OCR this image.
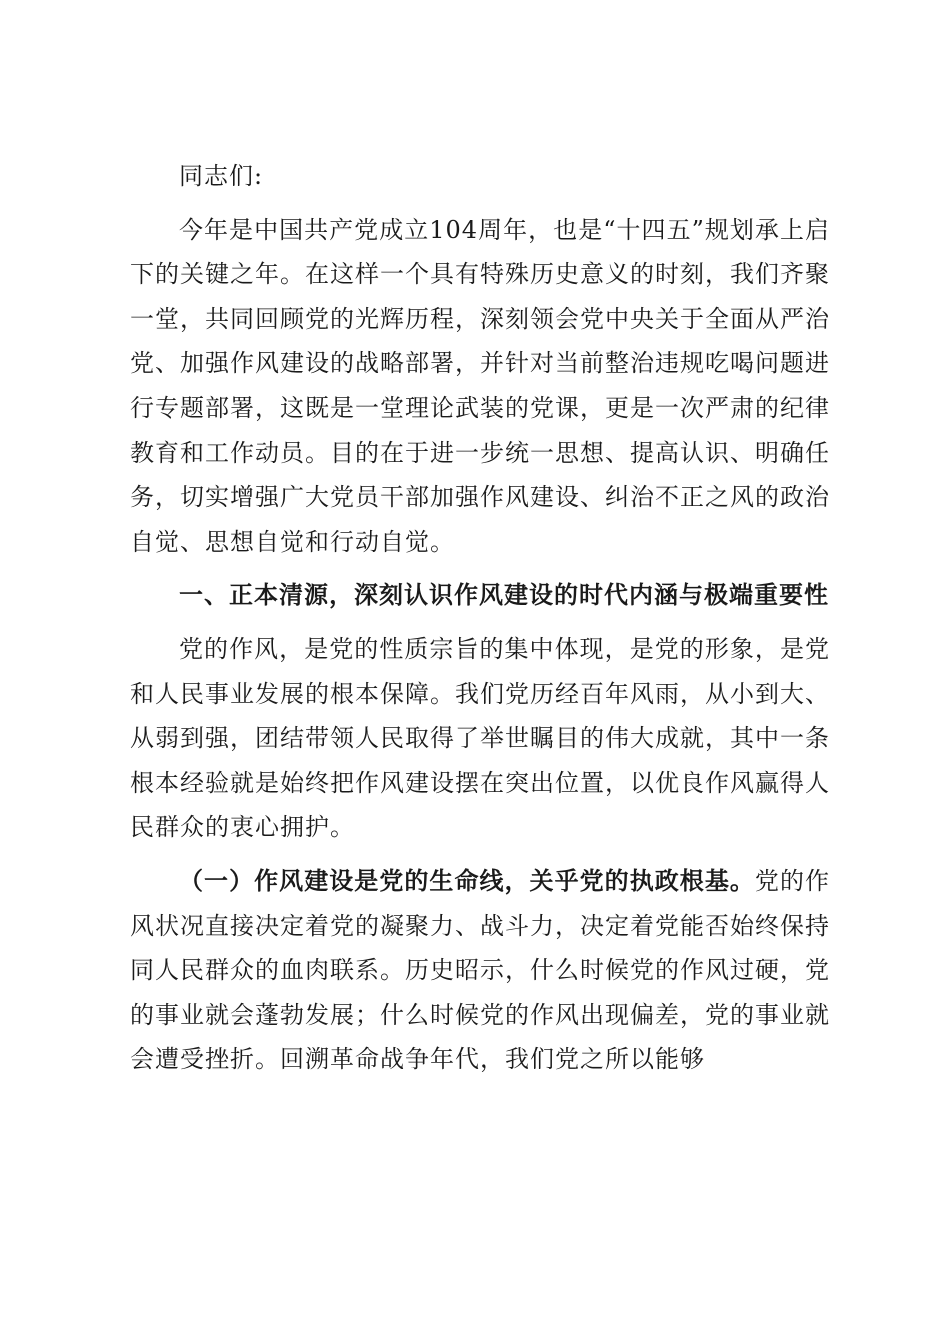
同志们:

今年是中国共产党成立104周年，也是“十四五”规划承上启下的关键之年。在这样一个具有特殊历史意义的时刻，我们齐聚一堂，共同回顾党的光辉历程，深刻领会党中央关于全面从严治党、加强作风建设的战略部署，并针对当前整治违规吃喝问题进行专题部署，这既是一堂理论武装的党课，更是一次严肃的纪律教育和工作动员。目的在于进一步统一思想、提高认识、明确任务，切实增强广大党员干部加强作风建设、纠治不正之风的政治自觉、思想自觉和行动自觉。

一、正本清源，深刻认识作风建设的时代内涵与极端重要性

党的作风，是党的性质宗旨的集中体现，是党的形象，是党和人民事业发展的根本保障。我们党历经百年风雨，从小到大、从弱到强，团结带领人民取得了举世瞩目的伟大成就，其中一条根本经验就是始终把作风建设摆在突出位置，以优良作风赢得人民群众的衷心拥护。

（一）作风建设是党的生命线，关乎党的执政根基。党的作风状况直接决定着党的凝聚力、战斗力，决定着党能否始终保持同人民群众的血肉联系。历史昭示，什么时候党的作风过硬，党的事业就会蓬勃发展；什么时候党的作风出现偏差，党的事业就会遭受挫折。回溯革命战争年代，我们党之所以能够
